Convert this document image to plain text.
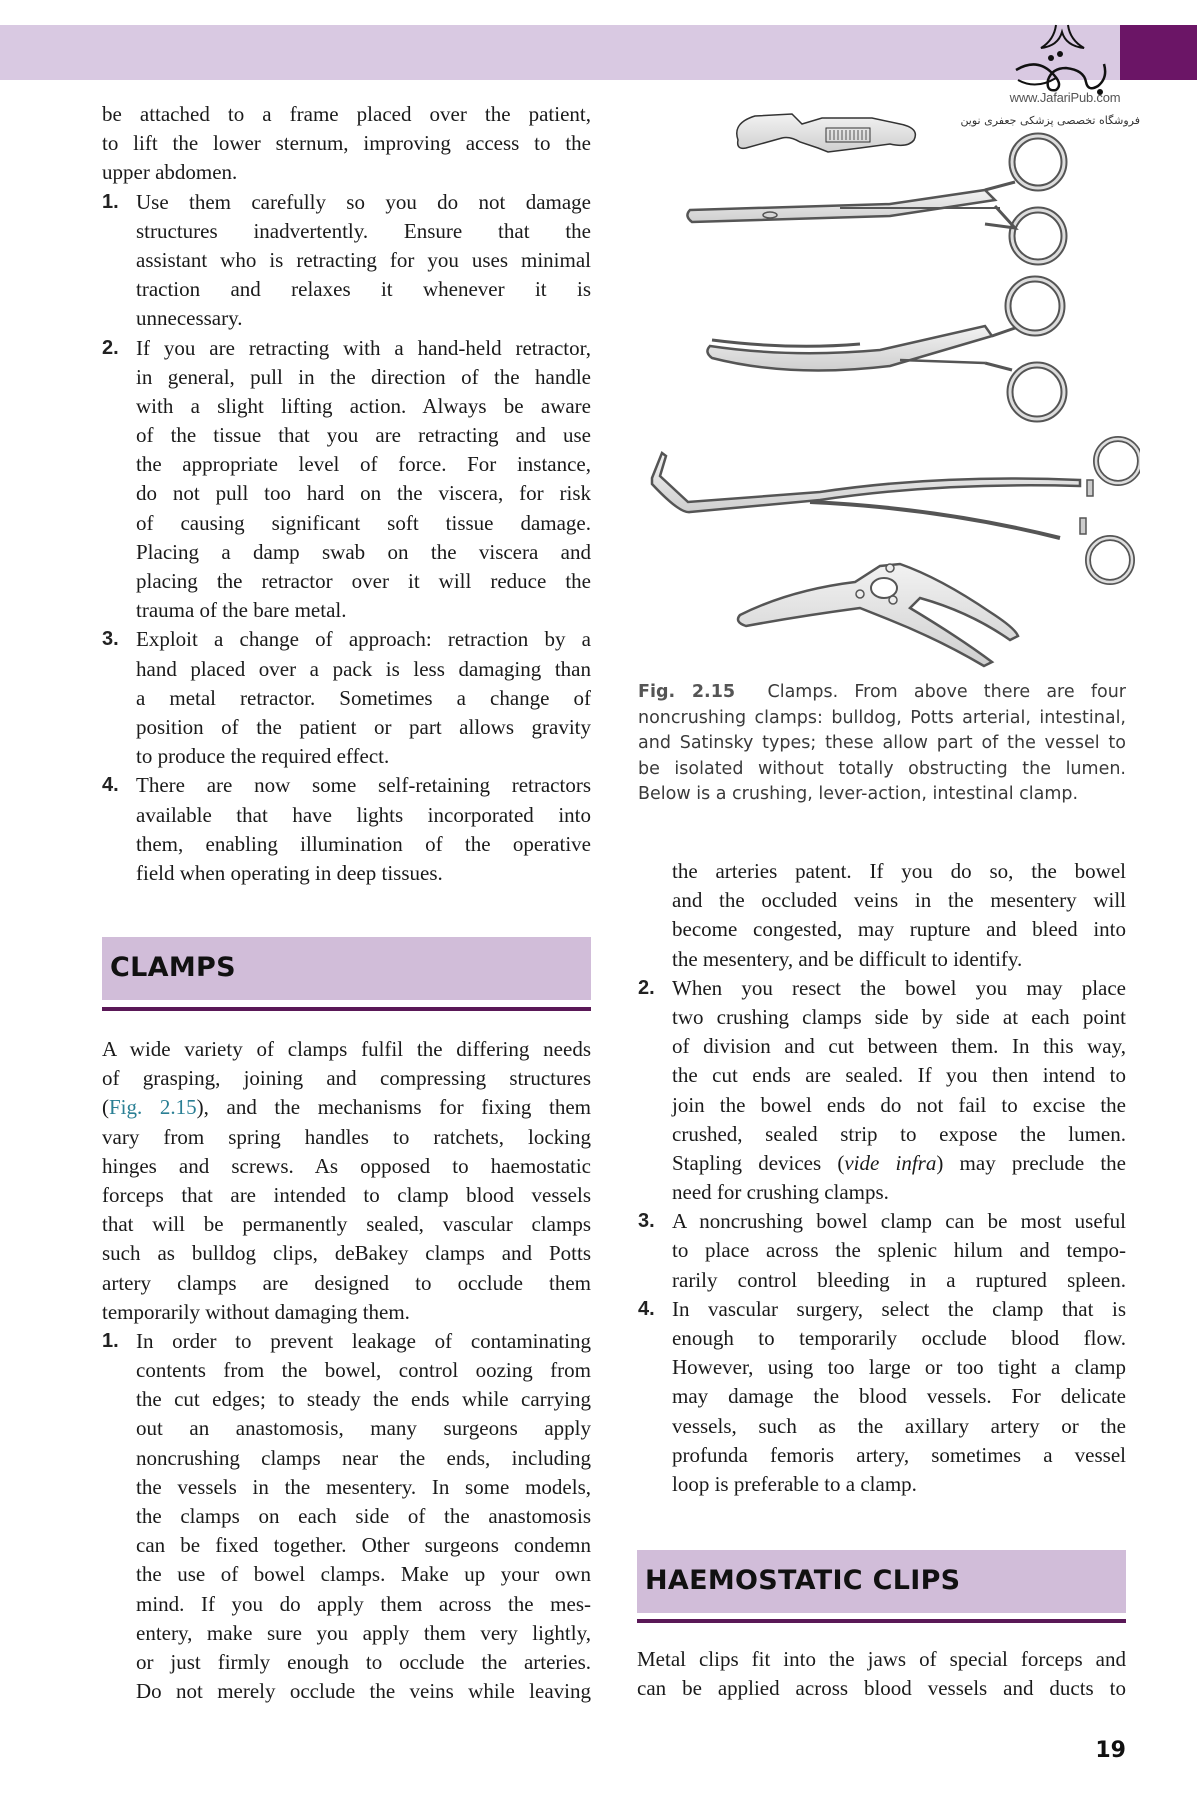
www.JafariPub.com
فروشگاه تخصصی پزشکی جعفری نوین
be attached to a frame placed over the patient,
to lift the lower sternum, improving access to the
upper abdomen.
1. Use them carefully so you do not damage
structures inadvertently. Ensure that the
assistant who is retracting for you uses minimal
traction and relaxes it whenever it is
unnecessary.
2. If you are retracting with a hand-held retractor,
in general, pull in the direction of the handle
with a slight lifting action. Always be aware
of the tissue that you are retracting and use
the appropriate level of force. For instance,
do not pull too hard on the viscera, for risk
of causing significant soft tissue damage.
Placing a damp swab on the viscera and
placing the retractor over it will reduce the
trauma of the bare metal.
3. Exploit a change of approach: retraction by a
hand placed over a pack is less damaging than
a metal retractor. Sometimes a change of
position of the patient or part allows gravity
to produce the required effect.
4. There are now some self-retaining retractors
available that have lights incorporated into
them, enabling illumination of the operative
field when operating in deep tissues.
CLAMPS
A wide variety of clamps fulfil the differing needs
of grasping, joining and compressing structures
(Fig. 2.15), and the mechanisms for fixing them
vary from spring handles to ratchets, locking
hinges and screws. As opposed to haemostatic
forceps that are intended to clamp blood vessels
that will be permanently sealed, vascular clamps
such as bulldog clips, deBakey clamps and Potts
artery clamps are designed to occlude them
temporarily without damaging them.
1. In order to prevent leakage of contaminating
contents from the bowel, control oozing from
the cut edges; to steady the ends while carrying
out an anastomosis, many surgeons apply
noncrushing clamps near the ends, including
the vessels in the mesentery. In some models,
the clamps on each side of the anastomosis
can be fixed together. Other surgeons condemn
the use of bowel clamps. Make up your own
mind. If you do apply them across the mes-
entery, make sure you apply them very lightly,
or just firmly enough to occlude the arteries.
Do not merely occlude the veins while leaving
Fig. 2.15 Clamps. From above there are four
noncrushing clamps: bulldog, Potts arterial, intestinal,
and Satinsky types; these allow part of the vessel to
be isolated without totally obstructing the lumen.
Below is a crushing, lever-action, intestinal clamp.
the arteries patent. If you do so, the bowel
and the occluded veins in the mesentery will
become congested, may rupture and bleed into
the mesentery, and be difficult to identify.
2. When you resect the bowel you may place
two crushing clamps side by side at each point
of division and cut between them. In this way,
the cut ends are sealed. If you then intend to
join the bowel ends do not fail to excise the
crushed, sealed strip to expose the lumen.
Stapling devices (vide infra) may preclude the
need for crushing clamps.
3. A noncrushing bowel clamp can be most useful
to place across the splenic hilum and tempo-
rarily control bleeding in a ruptured spleen.
4. In vascular surgery, select the clamp that is
enough to temporarily occlude blood flow.
However, using too large or too tight a clamp
may damage the blood vessels. For delicate
vessels, such as the axillary artery or the
profunda femoris artery, sometimes a vessel
loop is preferable to a clamp.
HAEMOSTATIC CLIPS
Metal clips fit into the jaws of special forceps and
can be applied across blood vessels and ducts to
19
